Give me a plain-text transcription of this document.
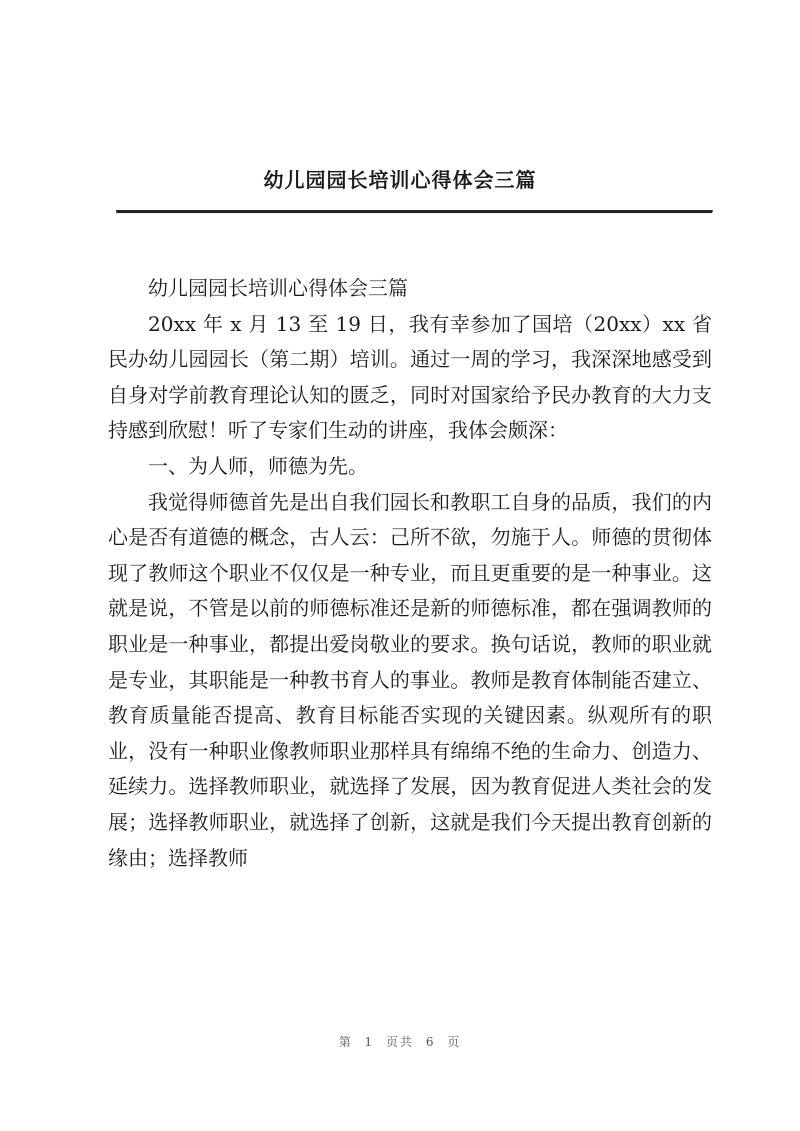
幼儿园园长培训心得体会三篇

幼儿园园长培训心得体会三篇

20xx 年 x 月 13 至 19 日，我有幸参加了国培（20xx）xx 省民办幼儿园园长（第二期）培训。通过一周的学习，我深深地感受到自身对学前教育理论认知的匮乏，同时对国家给予民办教育的大力支持感到欣慰！听了专家们生动的讲座，我体会颇深：

一、为人师，师德为先。

我觉得师德首先是出自我们园长和教职工自身的品质，我们的内心是否有道德的概念，古人云：己所不欲，勿施于人。师德的贯彻体现了教师这个职业不仅仅是一种专业，而且更重要的是一种事业。这就是说，不管是以前的师德标准还是新的师德标准，都在强调教师的职业是一种事业，都提出爱岗敬业的要求。换句话说，教师的职业就是专业，其职能是一种教书育人的事业。教师是教育体制能否建立、教育质量能否提高、教育目标能否实现的关键因素。纵观所有的职业，没有一种职业像教师职业那样具有绵绵不绝的生命力、创造力、延续力。选择教师职业，就选择了发展，因为教育促进人类社会的发展；选择教师职业，就选择了创新，这就是我们今天提出教育创新的缘由；选择教师

第 1 页共 6 页
